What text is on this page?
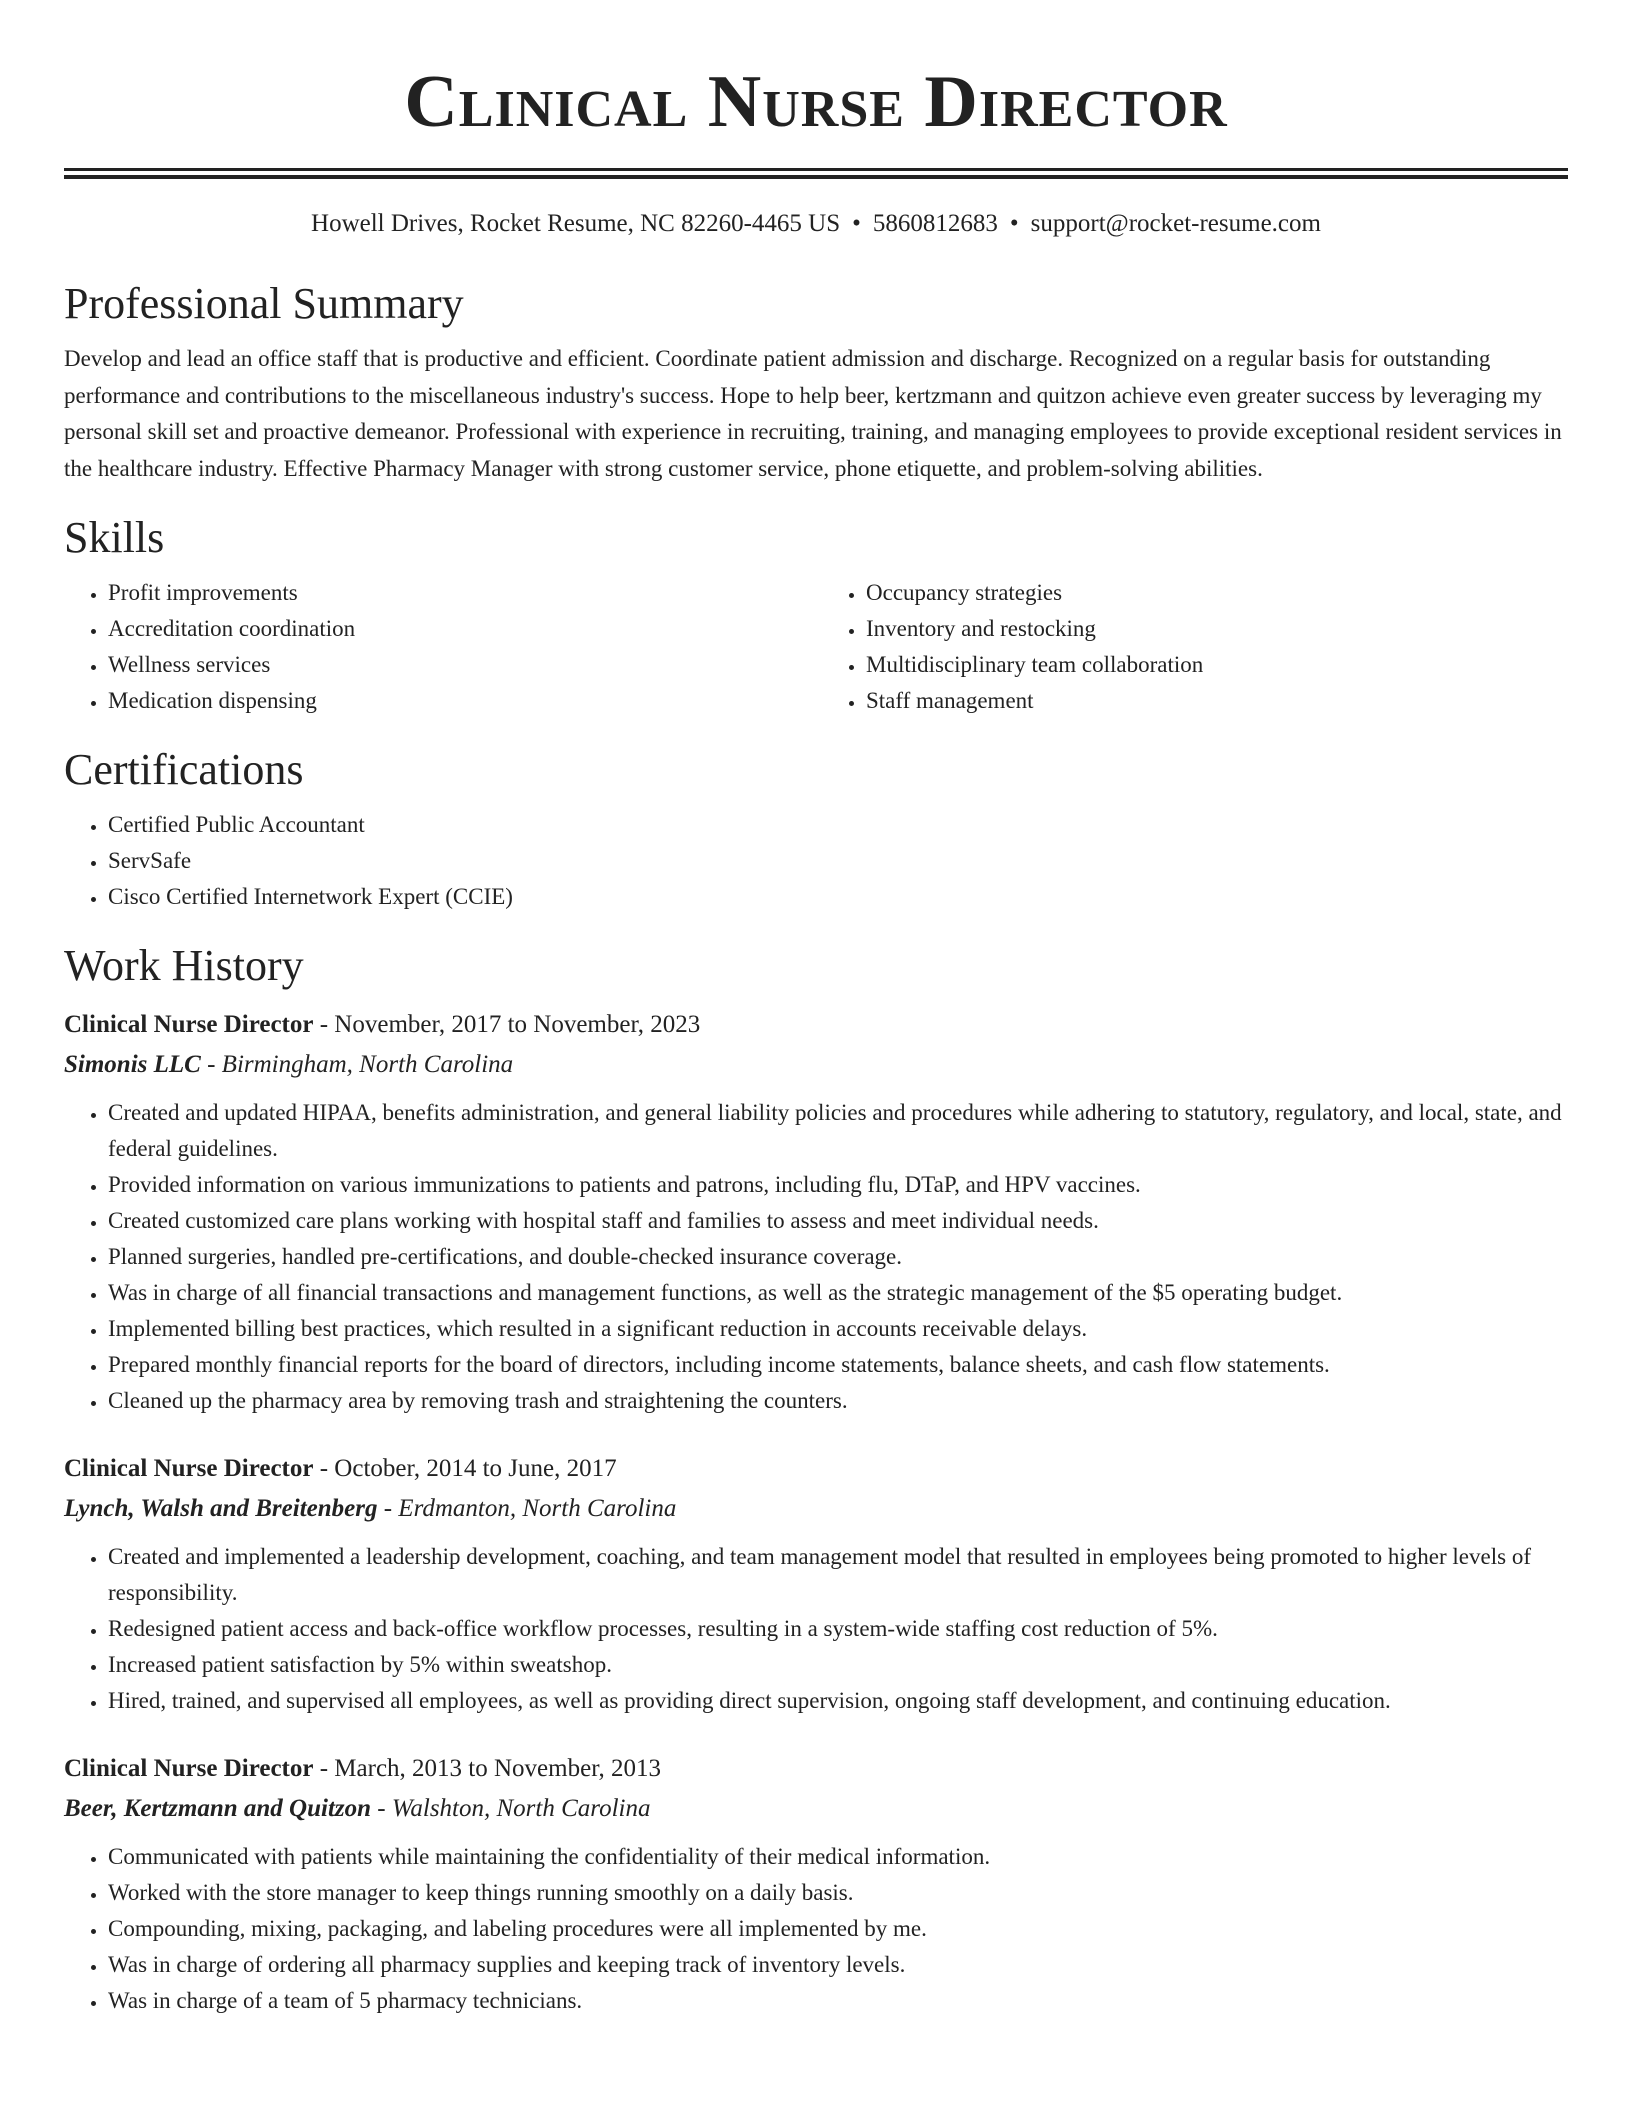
Clinical Nurse Director
Howell Drives, Rocket Resume, NC 82260-4465 US • 5860812683 • support@rocket-resume.com
Professional Summary

Develop and lead an office staff that is productive and efficient. Coordinate patient admission and discharge. Recognized on a regular basis for outstanding performance and contributions to the miscellaneous industry's success. Hope to help beer, kertzmann and quitzon achieve even greater success by leveraging my personal skill set and proactive demeanor. Professional with experience in recruiting, training, and managing employees to provide exceptional resident services in the healthcare industry. Effective Pharmacy Manager with strong customer service, phone etiquette, and problem-solving abilities.

Skills
• Profit improvements
• Accreditation coordination
• Wellness services
• Medication dispensing
• Occupancy strategies
• Inventory and restocking
• Multidisciplinary team collaboration
• Staff management
Certifications
• Certified Public Accountant
• ServSafe
• Cisco Certified Internetwork Expert (CCIE)
Work History
Clinical Nurse Director - November, 2017 to November, 2023
Simonis LLC - Birmingham, North Carolina
• Created and updated HIPAA, benefits administration, and general liability policies and procedures while adhering to statutory, regulatory, and local, state, and federal guidelines.
• Provided information on various immunizations to patients and patrons, including flu, DTaP, and HPV vaccines.
• Created customized care plans working with hospital staff and families to assess and meet individual needs.
• Planned surgeries, handled pre-certifications, and double-checked insurance coverage.
• Was in charge of all financial transactions and management functions, as well as the strategic management of the $5 operating budget.
• Implemented billing best practices, which resulted in a significant reduction in accounts receivable delays.
• Prepared monthly financial reports for the board of directors, including income statements, balance sheets, and cash flow statements.
• Cleaned up the pharmacy area by removing trash and straightening the counters.
Clinical Nurse Director - October, 2014 to June, 2017
Lynch, Walsh and Breitenberg - Erdmanton, North Carolina
• Created and implemented a leadership development, coaching, and team management model that resulted in employees being promoted to higher levels of responsibility.
• Redesigned patient access and back-office workflow processes, resulting in a system-wide staffing cost reduction of 5%.
• Increased patient satisfaction by 5% within sweatshop.
• Hired, trained, and supervised all employees, as well as providing direct supervision, ongoing staff development, and continuing education.
Clinical Nurse Director - March, 2013 to November, 2013
Beer, Kertzmann and Quitzon - Walshton, North Carolina
• Communicated with patients while maintaining the confidentiality of their medical information.
• Worked with the store manager to keep things running smoothly on a daily basis.
• Compounding, mixing, packaging, and labeling procedures were all implemented by me.
• Was in charge of ordering all pharmacy supplies and keeping track of inventory levels.
• Was in charge of a team of 5 pharmacy technicians.
